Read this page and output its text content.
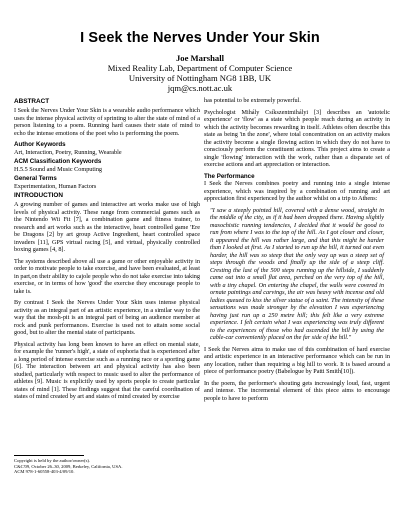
I Seek the Nerves Under Your Skin
Joe Marshall
Mixed Reality Lab, Department of Computer Science
University of Nottingham NG8 1BB, UK
jqm@cs.nott.ac.uk
ABSTRACT

I Seek the Nerves Under Your Skin is a wearable audio performance which uses the intense physical activity of sprinting to alter the state of mind of a person listening to a poem. Running hard causes their state of mind to echo the intense emotions of the poet who is performing the poem.

Author Keywords

Art, Interaction, Poetry, Running, Wearable

ACM Classification Keywords

H.5.5 Sound and Music Computing

General Terms

Experimentation, Human Factors

INTRODUCTION

A growing number of games and interactive art works make use of high levels of physical activity. These range from commercial games such as the Nintendo Wii Fit [7], a combination game and fitness trainer, to research and art works such as the interactive, heart controlled game 'Ere be Dragons [2] by art group Active Ingredient, heart controlled space invaders [11], GPS virtual racing [5], and virtual, physically controlled boxing games [4, 8].

The systems described above all use a game or other enjoyable activity in order to motivate people to take exercise, and have been evaluated, at least in part,on their ability to cajole people who do not take exercise into taking exercise, or in terms of how 'good' the exercise they encourage people to take is.

By contrast I Seek the Nerves Under Your Skin uses intense physical activity as an integral part of an artistic experience, in a similar way to the way that the mosh-pit is an integral part of being an audience member at rock and punk performances. Exercise is used not to attain some social good, but to alter the mental state of participants.

Physical activity has long been known to have an effect on mental state, for example the 'runner's high', a state of euphoria that is experienced after a long period of intense exercise such as a running race or a sporting game [6]. The interaction between art and physical activity has also been studied, particularly with respect to music used to alter the performance of athletes [9]. Music is explicitly used by sports people to create particular states of mind [1]. These findings suggest that the careful coordination of states of mind created by art and states of mind created by exercise

Copyright is held by the author/owner(s).
C&C'09, October 26–30, 2009, Berkeley, California, USA.
ACM 978-1-60558-403-4/09/10.

has potential to be extremely powerful.

Psychologist Mihály Csíkszentmihályi [3] describes an 'autotelic experience' or 'flow' as a state which people reach during an activity in which the activity becomes rewarding in itself. Athletes often describe this state as being 'in the zone', where total concentration on an activity makes the activity become a single flowing action in which they do not have to consciously perform the constituent actions. This project aims to create a single 'flowing' interaction with the work, rather than a disparate set of exercise actions and art appreciation or interaction.

The Performance

I Seek the Nerves combines poetry and running into a single intense experience, which was inspired by a combination of running and art appreciation first experienced by the author whilst on a trip to Athens:

"I saw a steeply pointed hill, covered with a dense wood, straight in the middle of the city, as if it had been dropped there. Having slightly masochistic running tendencies, I decided that it would be good to run from where I was to the top of the hill. As I got closer and closer, it appeared the hill was rather large, and that this might be harder than I looked at first. As I started to run up the hill, it turned out even harder, the hill was so steep that the only way up was a steep set of steps through the woods and finally up the side of a steep cliff. Cresting the last of the 500 steps running up the hillside, I suddenly came out into a small flat area, perched on the very top of the hill, with a tiny chapel. On entering the chapel, the walls were covered in ornate paintings and carvings, the air was heavy with incense and old ladies queued to kiss the silver statue of a saint. The intensity of these sensations was made stronger by the elevation I was experiencing having just run up a 250 metre hill; this felt like a very extreme experience. I felt certain what I was experiencing was truly different to the experiences of those who had ascended the hill by using the cable-car conveniently placed on the far side of the hill."

I Seek the Nerves aims to make use of this combination of hard exercise and artistic experience in an interactive performance which can be run in any location, rather than requiring a big hill to work. It is based around a piece of performance poetry (Babelogue by Patti Smith[10]).

In the poem, the performer's shouting gets increasingly loud, fast, urgent and intense. The incremental element of this piece aims to encourage people to have to perform
